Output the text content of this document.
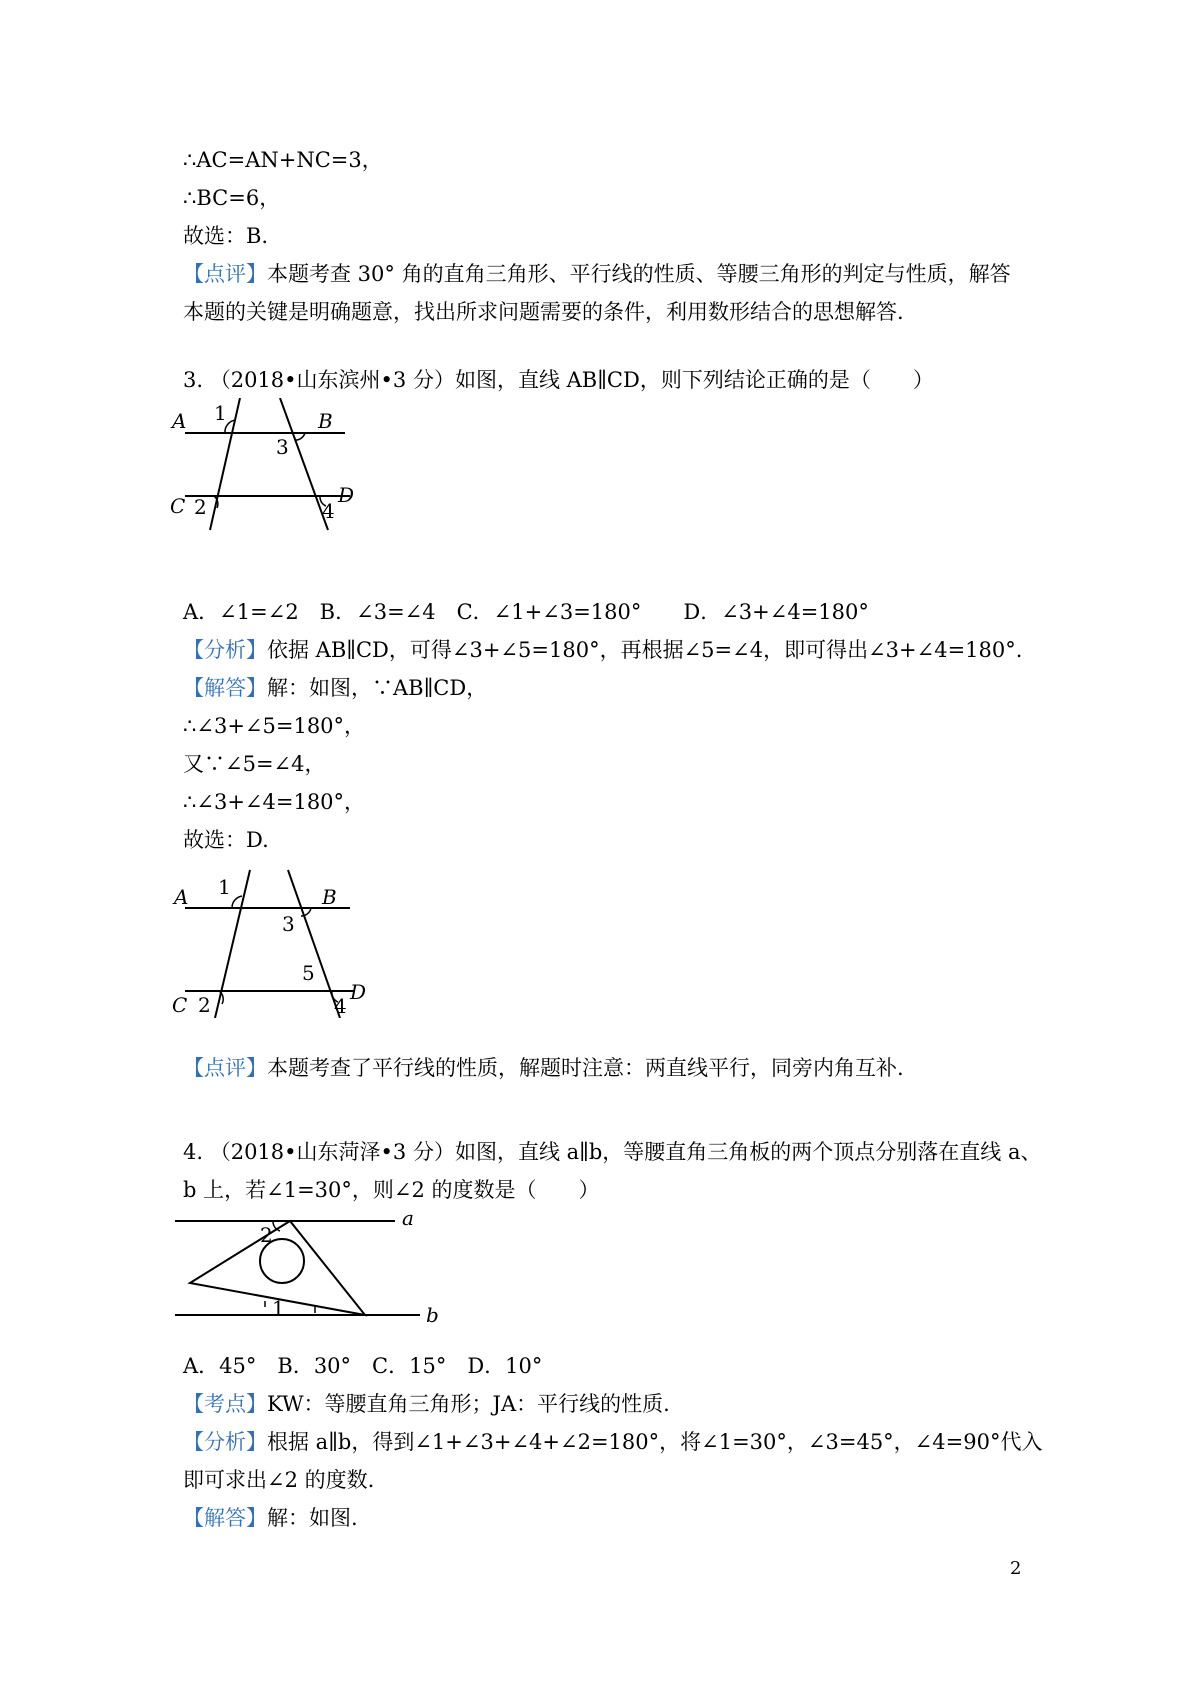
∴AC=AN+NC=3，
∴BC=6，
故选：B.
【点评】本题考查 30° 角的直角三角形、平行线的性质、等腰三角形的判定与性质，解答
本题的关键是明确题意，找出所求问题需要的条件，利用数形结合的思想解答.
3. （2018•山东滨州•3 分）如图，直线 AB∥CD，则下列结论正确的是（　　）
A 1	B
3
C 2	4
D
A．∠1=∠2　B．∠3=∠4　C．∠1+∠3=180°　　D．∠3+∠4=180°
【分析】依据 AB∥CD，可得∠3+∠5=180°，再根据∠5=∠4，即可得出∠3+∠4=180°.
【解答】解：如图，∵AB∥CD，
∴∠3+∠5=180°，
又∵∠5=∠4，
∴∠3+∠4=180°，
故选：D.
A 1	B
3
5
C 2	4
D
【点评】本题考查了平行线的性质，解题时注意：两直线平行，同旁内角互补.
4. （2018•山东菏泽•3 分）如图，直线 a∥b，等腰直角三角板的两个顶点分别落在直线 a、
b 上，若∠1=30°，则∠2 的度数是（　　）
2
1
a
b
A．45°　B．30°　C．15°　D．10°
【考点】KW：等腰直角三角形；JA：平行线的性质.
【分析】根据 a∥b，得到∠1+∠3+∠4+∠2=180°，将∠1=30°，∠3=45°，∠4=90°代入
即可求出∠2 的度数.
【解答】解：如图.
2
